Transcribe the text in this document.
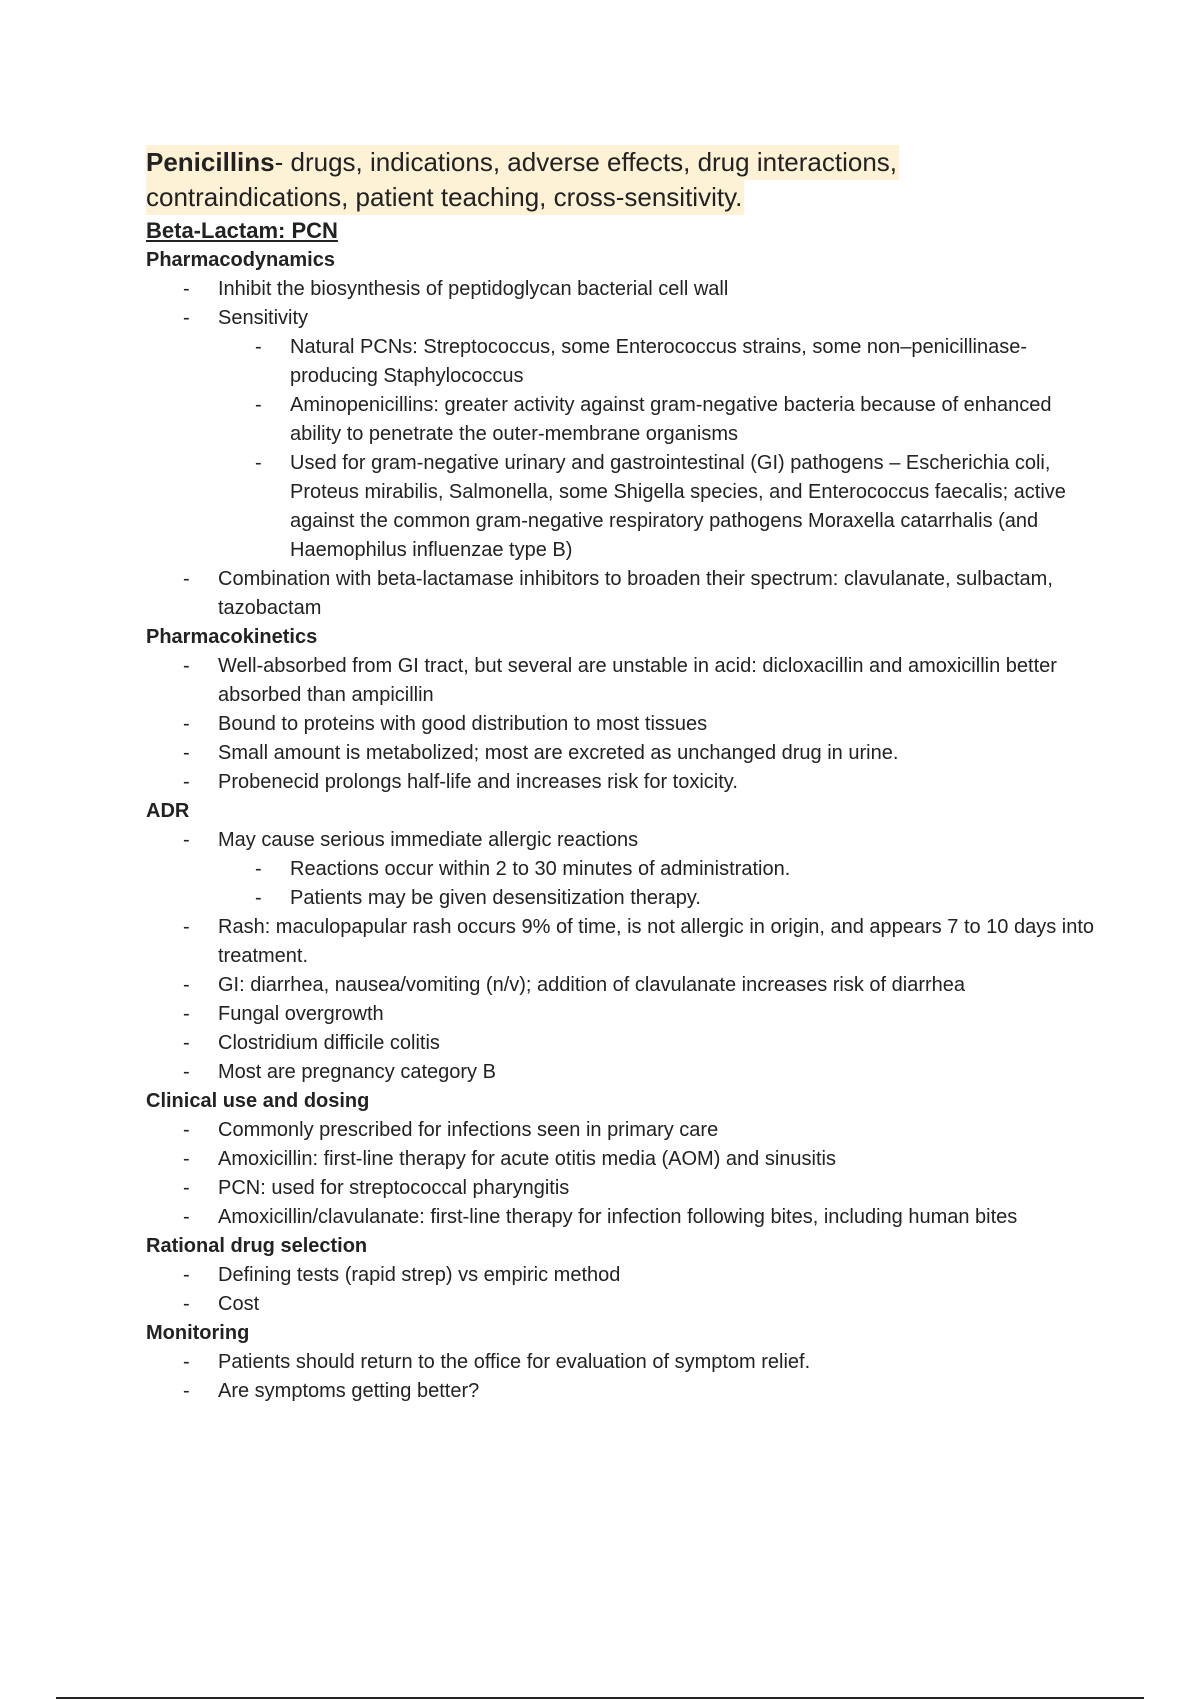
Penicillins- drugs, indications, adverse effects, drug interactions,
contraindications, patient teaching, cross-sensitivity.
Beta-Lactam: PCN
Pharmacodynamics
- Inhibit the biosynthesis of peptidoglycan bacterial cell wall
- Sensitivity
- Natural PCNs: Streptococcus, some Enterococcus strains, some non–penicillinase-producing Staphylococcus
- Aminopenicillins: greater activity against gram-negative bacteria because of enhanced ability to penetrate the outer-membrane organisms
- Used for gram-negative urinary and gastrointestinal (GI) pathogens – Escherichia coli, Proteus mirabilis, Salmonella, some Shigella species, and Enterococcus faecalis; active against the common gram-negative respiratory pathogens Moraxella catarrhalis (and Haemophilus influenzae type B)
- Combination with beta-lactamase inhibitors to broaden their spectrum: clavulanate, sulbactam, tazobactam
Pharmacokinetics
- Well-absorbed from GI tract, but several are unstable in acid: dicloxacillin and amoxicillin better absorbed than ampicillin
- Bound to proteins with good distribution to most tissues
- Small amount is metabolized; most are excreted as unchanged drug in urine.
- Probenecid prolongs half-life and increases risk for toxicity.
ADR
- May cause serious immediate allergic reactions
- Reactions occur within 2 to 30 minutes of administration.
- Patients may be given desensitization therapy.
- Rash: maculopapular rash occurs 9% of time, is not allergic in origin, and appears 7 to 10 days into treatment.
- GI: diarrhea, nausea/vomiting (n/v); addition of clavulanate increases risk of diarrhea
- Fungal overgrowth
- Clostridium difficile colitis
- Most are pregnancy category B
Clinical use and dosing
- Commonly prescribed for infections seen in primary care
- Amoxicillin: first-line therapy for acute otitis media (AOM) and sinusitis
- PCN: used for streptococcal pharyngitis
- Amoxicillin/clavulanate: first-line therapy for infection following bites, including human bites
Rational drug selection
- Defining tests (rapid strep) vs empiric method
- Cost
Monitoring
- Patients should return to the office for evaluation of symptom relief.
- Are symptoms getting better?
